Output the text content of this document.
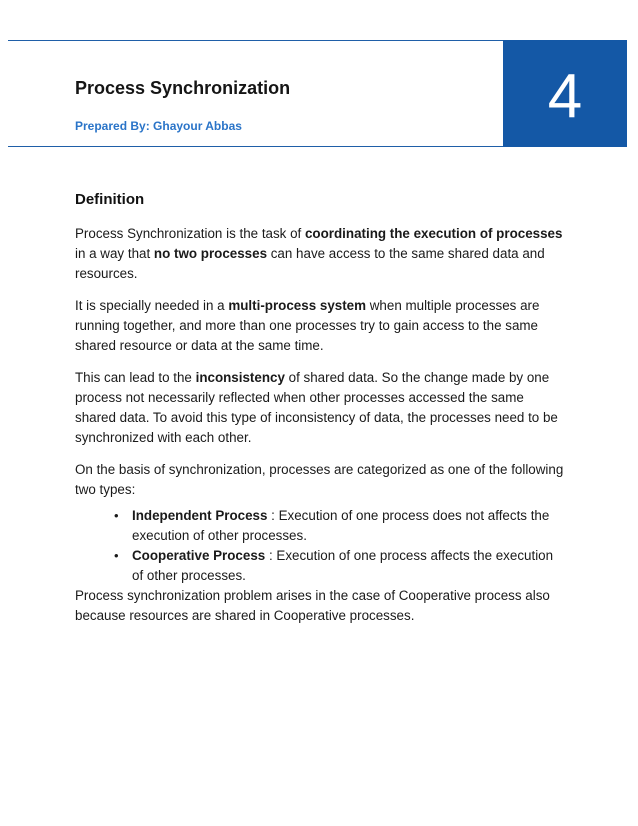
Process Synchronization
Prepared By: Ghayour Abbas	4
Definition

Process Synchronization is the task of coordinating the execution of processes in a way that no two processes can have access to the same shared data and resources.

It is specially needed in a multi-process system when multiple processes are running together, and more than one processes try to gain access to the same shared resource or data at the same time.

This can lead to the inconsistency of shared data. So the change made by one process not necessarily reflected when other processes accessed the same shared data. To avoid this type of inconsistency of data, the processes need to be synchronized with each other.

On the basis of synchronization, processes are categorized as one of the following two types:

• Independent Process : Execution of one process does not affects the execution of other processes.
• Cooperative Process : Execution of one process affects the execution of other processes.

Process synchronization problem arises in the case of Cooperative process also because resources are shared in Cooperative processes.
